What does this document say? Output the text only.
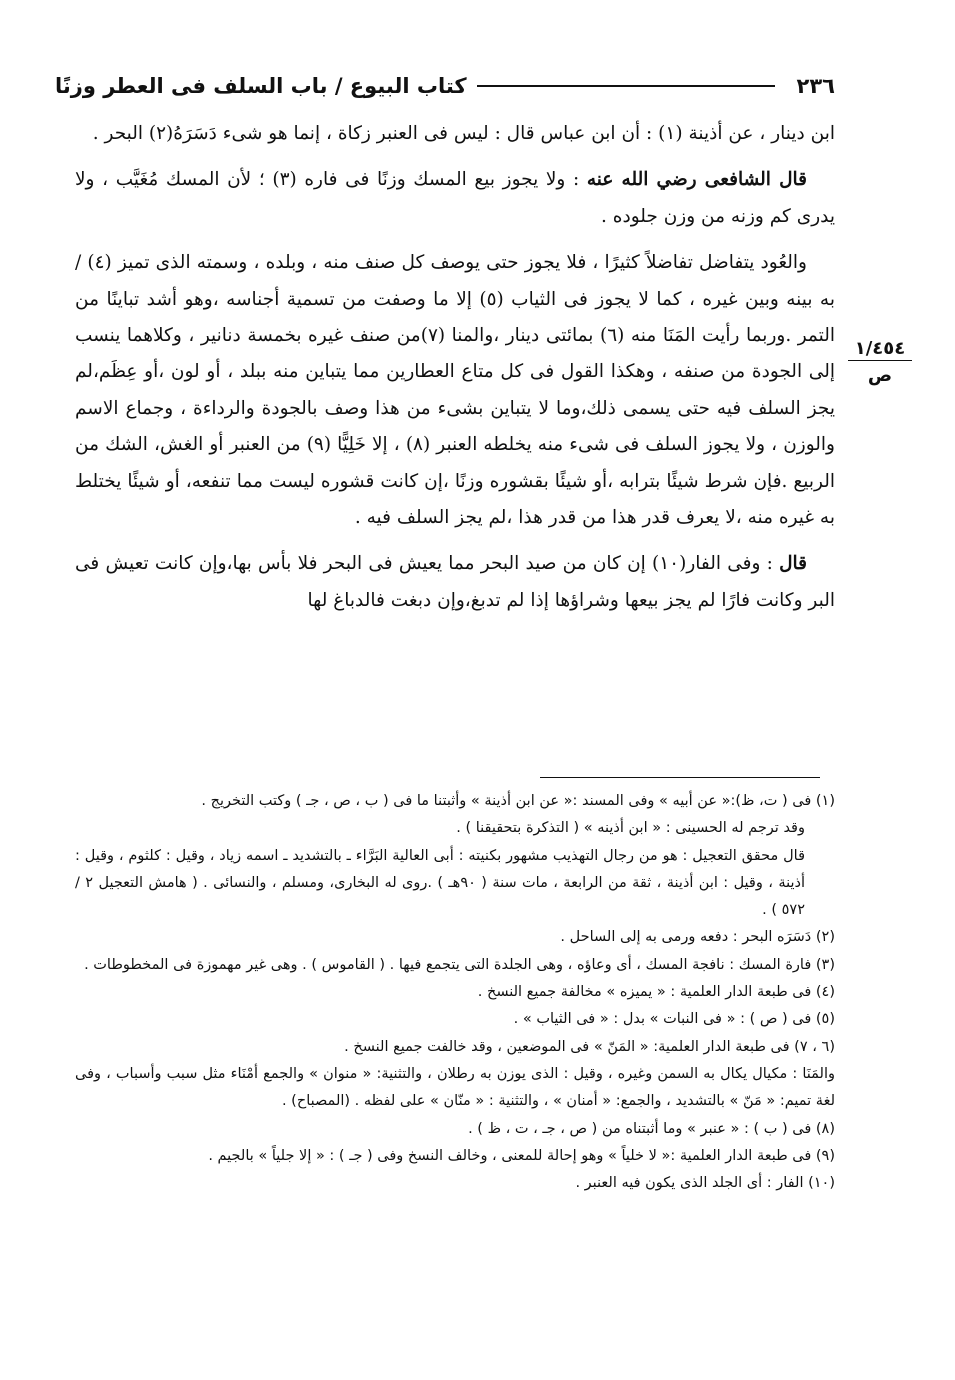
٢٣٦
كتاب البيوع / باب السلف فى العطر وزنًا
١/٤٥٤
ص

ابن دينار ، عن أذينة (١) : أن ابن عباس قال : ليس فى العنبر زكاة ، إنما هو شىء دَسَرَهُ(٢) البحر .

قال الشافعى رضي الله عنه : ولا يجوز بيع المسك وزنًا فى فاره (٣) ؛ لأن المسك مُغَيَّب ، ولا يدرى كم وزنه من وزن جلوده .

والعُود يتفاضل تفاضلاً كثيرًا ، فلا يجوز حتى يوصف كل صنف منه ، وبلده ، وسمته الذى تميز (٤) /به بينه وبين غيره ، كما لا يجوز فى الثياب (٥) إلا ما وصفت من تسمية أجناسه ،وهو أشد تباينًا من التمر .وربما رأيت المَنَا منه (٦) بمائتى دينار ،والمنا (٧)من صنف غيره بخمسة دنانير ، وكلاهما ينسب إلى الجودة من صنفه ، وهكذا القول فى كل متاع العطارين مما يتباين منه ببلد ، أو لون ،أو عِظَم،لم يجز السلف فيه حتى يسمى ذلك،وما لا يتباين بشىء من هذا وصف بالجودة والرداءة ، وجماع الاسم والوزن ، ولا يجوز السلف فى شىء منه يخلطه العنبر (٨) ، إلا خَلِيًّا (٩) من العنبر أو الغش، الشك من الربيع .فإن شرط شيئًا بترابه ،أو شيئًا بقشوره وزنًا ،إن كانت قشوره ليست مما تنفعه، أو شيئًا يختلط به غيره منه ،لا يعرف قدر هذا من قدر هذا ،لم يجز السلف فيه .

قال : وفى الفار(١٠) إن كان من صيد البحر مما يعيش فى البحر فلا بأس بها،وإن كانت تعيش فى البر وكانت فارًا لم يجز بيعها وشراؤها إذا لم تدبغ،وإن دبغت فالدباغ لها

(١) فى ( ت، ظ):« عن أبيه » وفى المسند :« عن ابن أذينة » وأثبتنا ما فى ( ب ، ص ، جـ ) وكتب التخريج .

وقد ترجم له الحسينى : « ابن أذينه » ( التذكرة بتحقيقنا ) .

قال محقق التعجيل : هو من رجال التهذيب مشهور بكنيته : أبى العالية البَرَّاء ـ بالتشديد ـ اسمه زياد ، وقيل : كلثوم ، وقيل : أذينة ، وقيل : ابن أذينة ، ثقة من الرابعة ، مات سنة ( ٩٠هـ ) .روى له البخارى، ومسلم ، والنسائى . ( هامش التعجيل ٢ / ٥٧٢ ) .

(٢) دَسَرَه البحر : دفعه ورمى به إلى الساحل .

(٣) فارة المسك : نافجة المسك ، أى وعاؤه ، وهى الجلدة التى يتجمع فيها . ( القاموس ) . وهى غير مهموزة فى المخطوطات .

(٤) فى طبعة الدار العلمية : « يميزه » مخالفة جميع النسخ .

(٥) فى ( ص ) : « فى النبات » بدل : « فى الثياب » .

(٦ ، ٧) فى طبعة الدار العلمية: « المَنّ » فى الموضعين ، وقد خالفت جميع النسخ .

والمَنَا : مكيال يكال به السمن وغيره ، وقيل : الذى يوزن به رطلان ، والتثنية: « منوان » والجمع أمْنَاء مثل سبب وأسباب ، وفى لغة تميم: « مَنّ » بالتشديد ، والجمع: « أمنان » ، والتثنية : « منّان » على لفظه . (المصباح) .

(٨) فى ( ب ) : « عنبر » وما أثبتناه من ( ص ، جـ ، ت ، ظ ) .

(٩) فى طبعة الدار العلمية :« لا خلياً » وهو إحالة للمعنى ، وخالف النسخ وفى ( جـ ) : « إلا جلياً » بالجيم .

(١٠) الفار : أى الجلد الذى يكون فيه العنبر .
